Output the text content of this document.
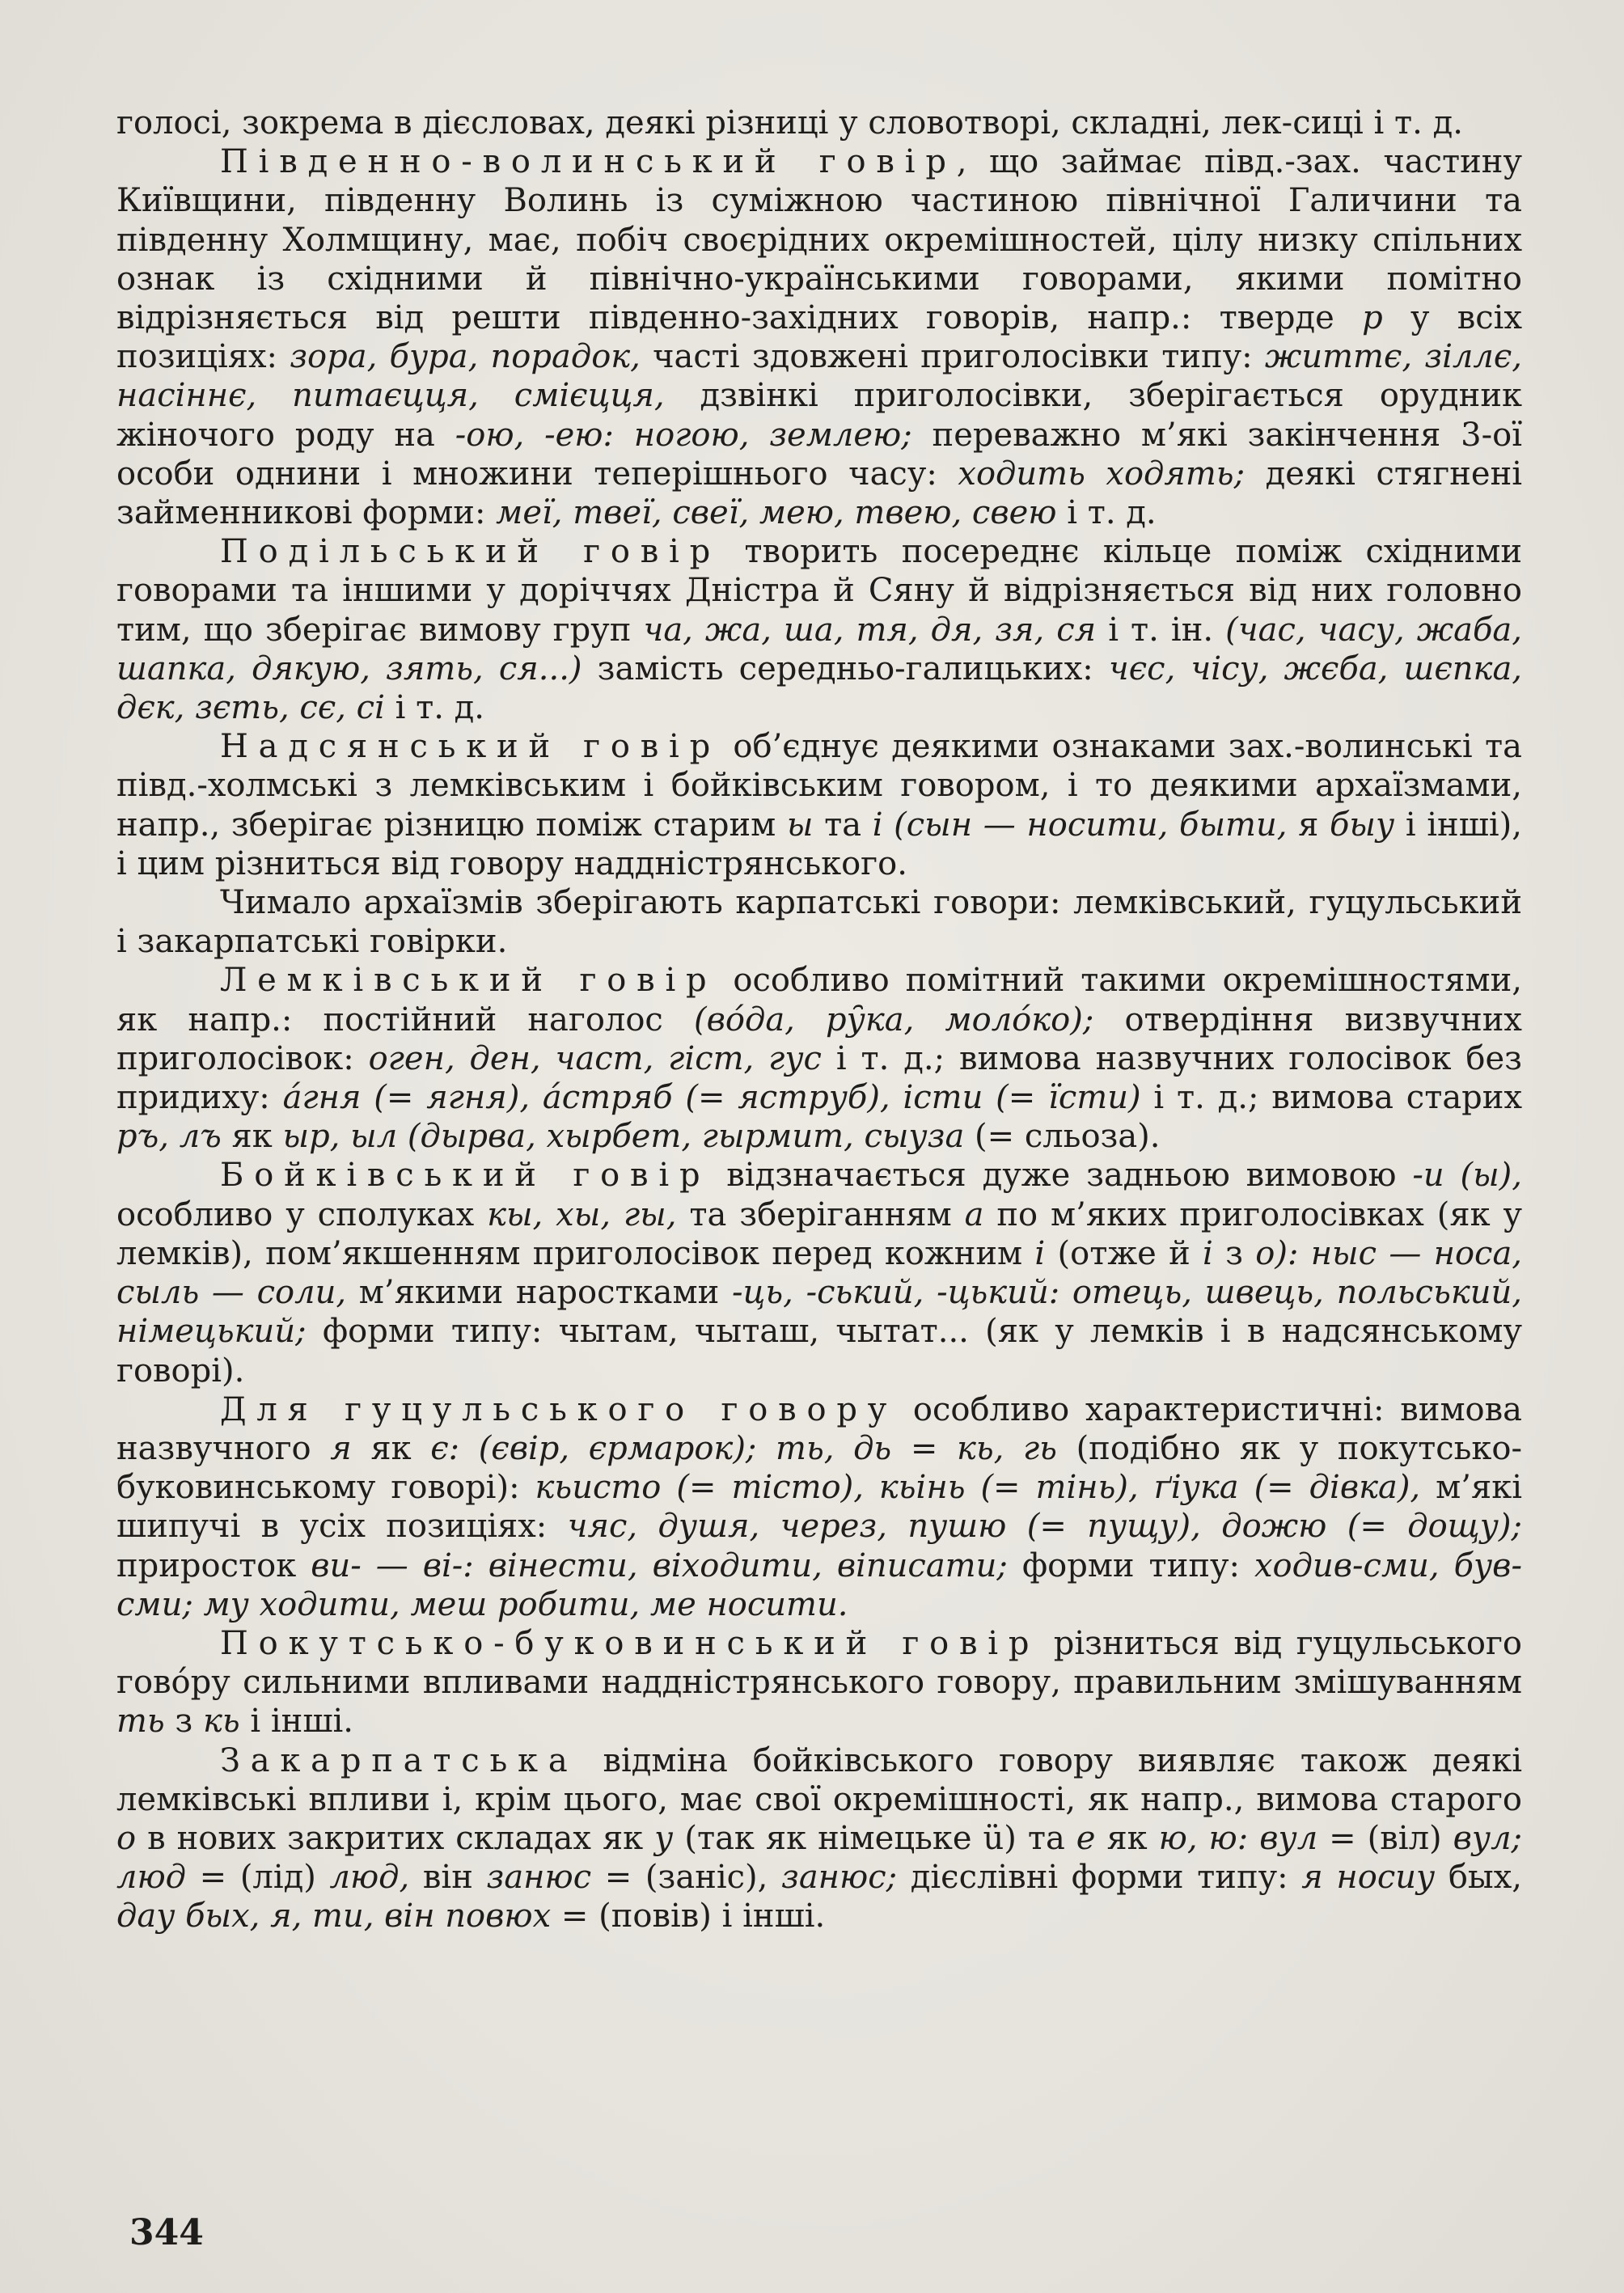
голосі, зокрема в дієсловах, деякі різниці у словотворі, складні, лек-сиці і т. д.

Південно-волинський говір, що займає півд.-зах. частину Київщини, південну Волинь із суміжною частиною північної Галичини та південну Холмщину, має, побіч своєрідних окремішностей, цілу низку спільних ознак із східними й північно-українськими говорами, якими помітно відрізняється від решти південно-західних говорів, напр.: тверде р у всіх позиціях: зора, бура, порадок, часті здовжені приголосівки типу: життє, зіллє, насіннє, питаєцця, смієцця, дзвінкі приголосівки, зберігається орудник жіночого роду на -ою, -ею: ногою, землею; переважно м’які закінчення 3-ої особи однини і множини теперішнього часу: ходить ходять; деякі стягнені займенникові форми: меї, твеї, свеї, мею, твею, свею і т. д.

Подільський говір творить посереднє кільце поміж східними говорами та іншими у доріччях Дністра й Сяну й відрізняється від них головно тим, що зберігає вимову груп ча, жа, ша, тя, дя, зя, ся і т. ін. (час, часу, жаба, шапка, дякую, зять, ся...) замість середньо-галицьких: чєс, чісу, жєба, шєпка, дєк, зєть, сє, сі і т. д.

Надсянський говір об’єднує деякими ознаками зах.-волинські та півд.-холмські з лемківським і бойківським говором, і то деякими архаїзмами, напр., зберігає різницю поміж старим ы та і (сын — носити, быти, я быу і інші), і цим різниться від говору наддністрянського.

Чимало архаїзмів зберігають карпатські говори: лемківський, гуцульський і закарпатські говірки.

Лемківський говір особливо помітний такими окремішностями, як напр.: постійний наголос (во́да, ру̑ка, моло́ко); отвердіння визвучних приголосівок: оген, ден, част, гіст, гус і т. д.; вимова назвучних голосівок без придиху: а́гня (= ягня), а́стряб (= яструб), істи (= їсти) і т. д.; вимова старих ръ, лъ як ыр, ыл (дырва, хырбет, гырмит, сыуза (= сльоза).

Бойківський говір відзначається дуже задньою вимовою -и (ы), особливо у сполуках кы, хы, гы, та зберіганням а по м’яких приголосівках (як у лемків), пом’якшенням приголосівок перед кожним і (отже й і з о): ныс — носа, сыль — соли, м’якими наростками -ць, -ський, -цький: отець, швець, польський, німецький; форми типу: чытам, чыташ, чытат... (як у лемків і в надсянському говорі).

Для гуцульського говору особливо характеристичні: вимова назвучного я як є: (євір, єрмарок); ть, дь = кь, гь (подібно як у покутсько-буковинському говорі): кьисто (= тісто), кьінь (= тінь), ґіука (= дівка), м’які шипучі в усіх позиціях: чяс, душя, через, пушю (= пущу), дожю (= дощу); приросток ви- — ві-: вінести, віходити, віписати; форми типу: ходив-сми, був-сми; му ходити, меш робити, ме носити.

Покутсько-буковинський говір різниться від гуцульського гово́ру сильними впливами наддністрянського говору, правильним змішуванням ть з кь і інші.

Закарпатська відміна бойківського говору виявляє також деякі лемківські впливи і, крім цього, має свої окремішності, як напр., вимова старого о в нових закритих складах як у (так як німецьке ü) та е як ю, ю: вул = (віл) вул; люд = (лід) люд, він занюс = (заніс), занюс; дієслівні форми типу: я носиу бых, дау бых, я, ти, він повюх = (повів) і інші.

344
